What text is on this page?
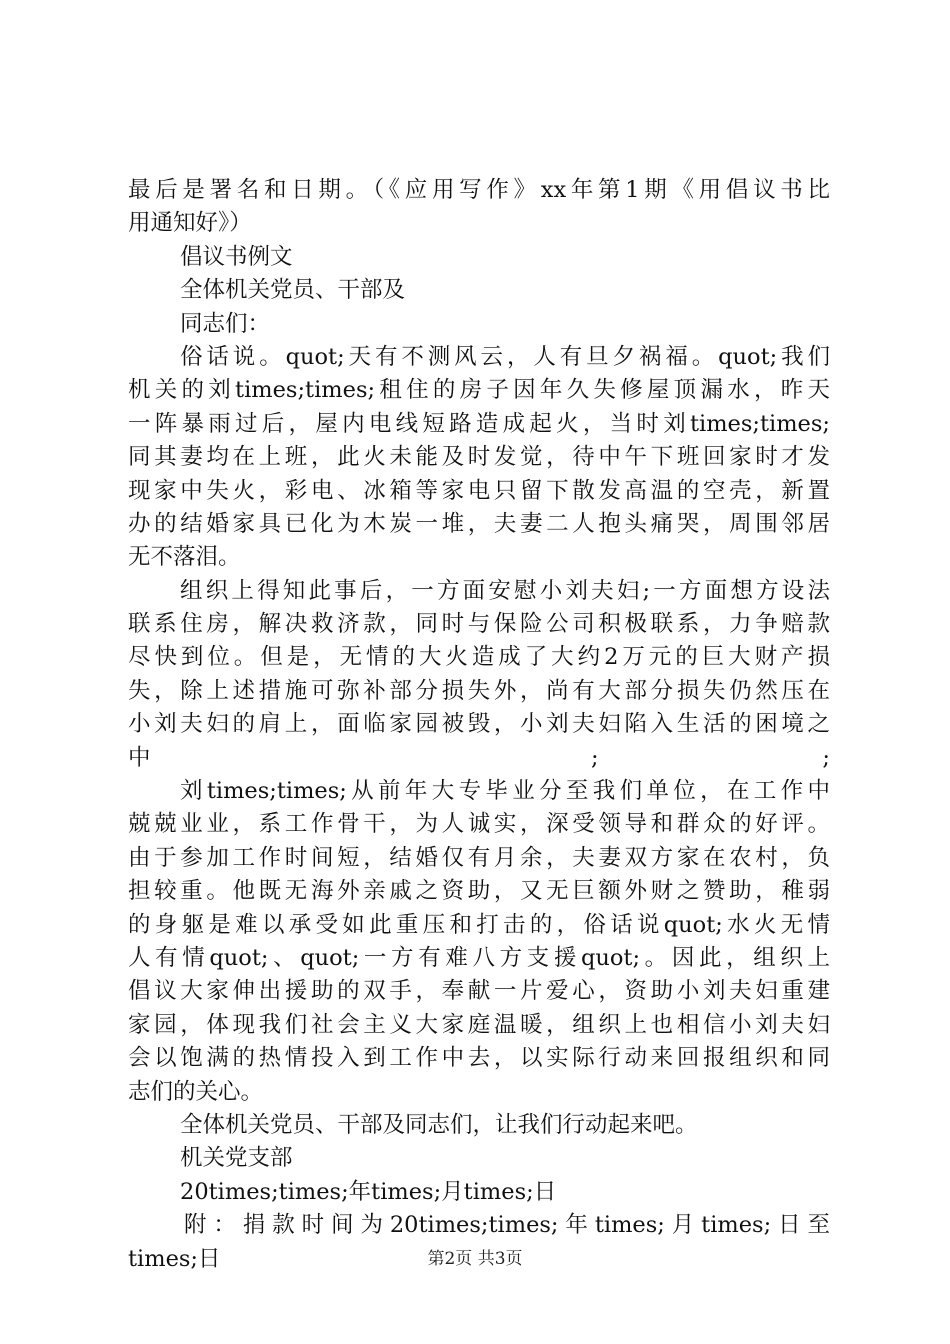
最后是署名和日期。（《应用写作》xx年第1期《用倡议书比
用通知好》）
倡议书例文
全体机关党员、干部及
同志们：
俗话说。quot;天有不测风云，人有旦夕祸福。quot;我们
机关的刘times;times;租住的房子因年久失修屋顶漏水，昨天
一阵暴雨过后，屋内电线短路造成起火，当时刘times;times;
同其妻均在上班，此火未能及时发觉，待中午下班回家时才发
现家中失火，彩电、冰箱等家电只留下散发高温的空壳，新置
办的结婚家具已化为木炭一堆，夫妻二人抱头痛哭，周围邻居
无不落泪。
组织上得知此事后，一方面安慰小刘夫妇;一方面想方设法
联系住房，解决救济款，同时与保险公司积极联系，力争赔款
尽快到位。但是，无情的大火造成了大约2万元的巨大财产损
失，除上述措施可弥补部分损失外，尚有大部分损失仍然压在
小刘夫妇的肩上，面临家园被毁，小刘夫妇陷入生活的困境之
中 ; ;
刘times;times;从前年大专毕业分至我们单位，在工作中
兢兢业业，系工作骨干，为人诚实，深受领导和群众的好评。
由于参加工作时间短，结婚仅有月余，夫妻双方家在农村，负
担较重。他既无海外亲戚之资助，又无巨额外财之赞助，稚弱
的身躯是难以承受如此重压和打击的，俗话说quot;水火无情
人有情quot;、quot;一方有难八方支援quot;。因此，组织上
倡议大家伸出援助的双手，奉献一片爱心，资助小刘夫妇重建
家园，体现我们社会主义大家庭温暖，组织上也相信小刘夫妇
会以饱满的热情投入到工作中去，以实际行动来回报组织和同
志们的关心。
全体机关党员、干部及同志们，让我们行动起来吧。
机关党支部
20times;times;年times;月times;日
附：捐款时间为20times;times;年times;月times;日至
times;日	第2页 共3页
